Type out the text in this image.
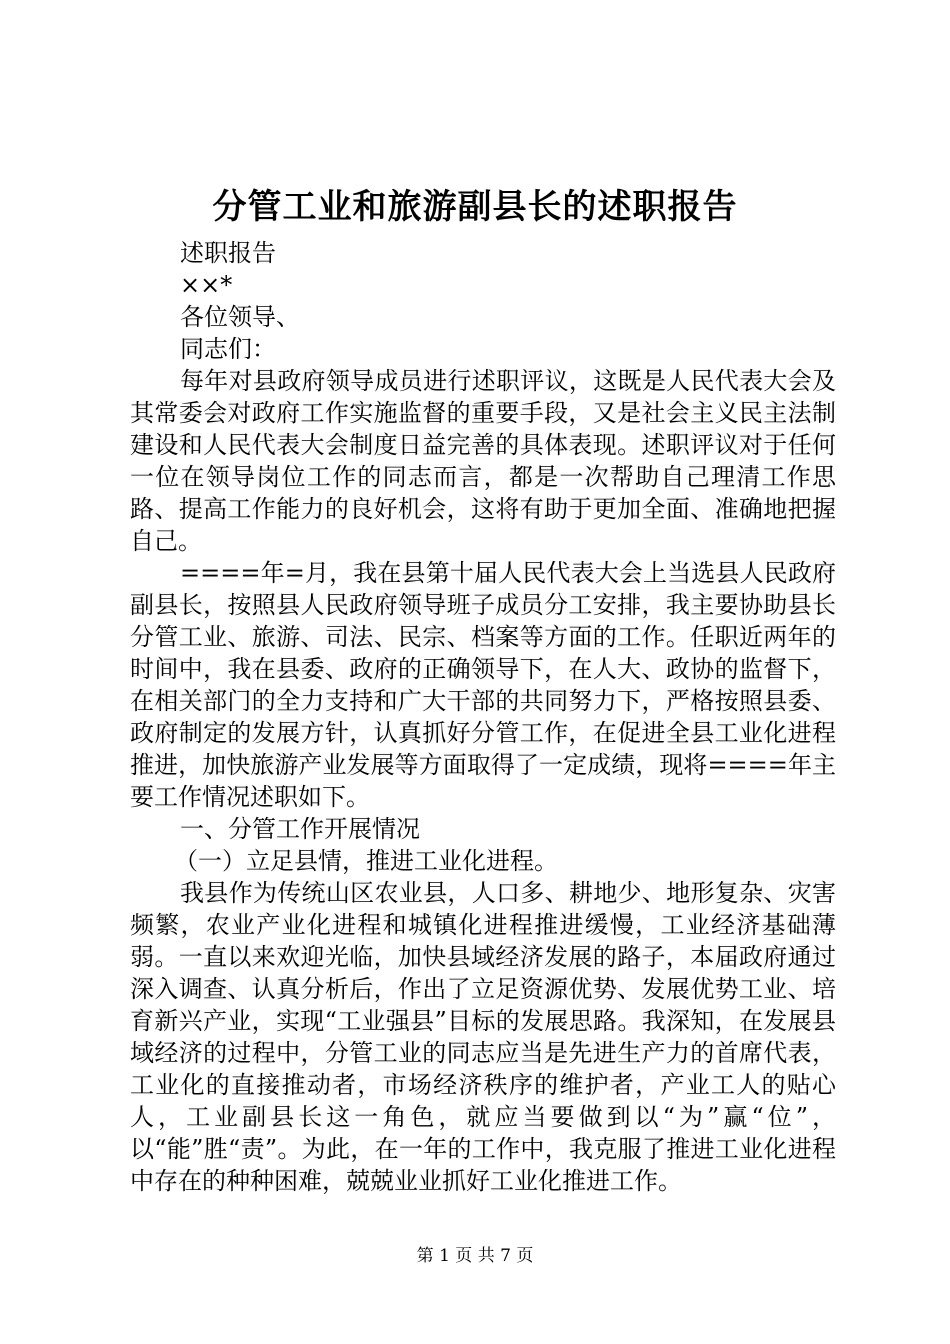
分管工业和旅游副县长的述职报告

述职报告

××*

各位领导、

同志们：

每年对县政府领导成员进行述职评议，这既是人民代表大会及其常委会对政府工作实施监督的重要手段，又是社会主义民主法制建设和人民代表大会制度日益完善的具体表现。述职评议对于任何一位在领导岗位工作的同志而言，都是一次帮助自己理清工作思路、提高工作能力的良好机会，这将有助于更加全面、准确地把握自己。

====年=月，我在县第十届人民代表大会上当选县人民政府副县长，按照县人民政府领导班子成员分工安排，我主要协助县长分管工业、旅游、司法、民宗、档案等方面的工作。任职近两年的时间中，我在县委、政府的正确领导下，在人大、政协的监督下，在相关部门的全力支持和广大干部的共同努力下，严格按照县委、政府制定的发展方针，认真抓好分管工作，在促进全县工业化进程推进，加快旅游产业发展等方面取得了一定成绩，现将====年主要工作情况述职如下。

一、分管工作开展情况

（一）立足县情，推进工业化进程。

我县作为传统山区农业县，人口多、耕地少、地形复杂、灾害频繁，农业产业化进程和城镇化进程推进缓慢，工业经济基础薄弱。一直以来欢迎光临，加快县域经济发展的路子，本届政府通过深入调查、认真分析后，作出了立足资源优势、发展优势工业、培育新兴产业，实现“工业强县”目标的发展思路。我深知，在发展县域经济的过程中，分管工业的同志应当是先进生产力的首席代表，工业化的直接推动者，市场经济秩序的维护者，产业工人的贴心人，工业副县长这一角色，就应当要做到以“为”赢“位”，以“能”胜“责”。为此，在一年的工作中，我克服了推进工业化进程中存在的种种困难，兢兢业业抓好工业化推进工作。

第 1 页 共 7 页
